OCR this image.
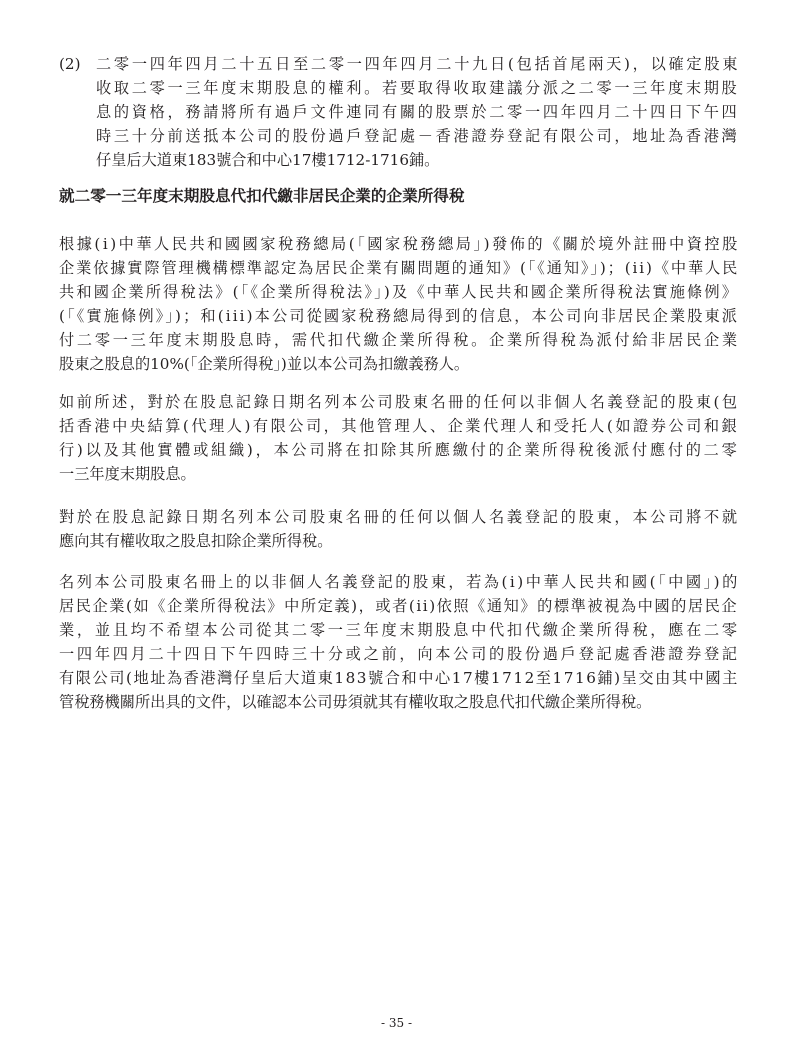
(2) 二零一四年四月二十五日至二零一四年四月二十九日(包括首尾兩天)，以確定股東
收取二零一三年度末期股息的權利。若要取得收取建議分派之二零一三年度末期股
息的資格，務請將所有過戶文件連同有關的股票於二零一四年四月二十四日下午四
時三十分前送抵本公司的股份過戶登記處－香港證券登記有限公司，地址為香港灣
仔皇后大道東183號合和中心17樓1712-1716鋪。
就二零一三年度末期股息代扣代繳非居民企業的企業所得稅
根據(i)中華人民共和國國家稅務總局(「國家稅務總局」)發佈的《關於境外註冊中資控股
企業依據實際管理機構標準認定為居民企業有關問題的通知》(「《通知》」)；(ii)《中華人民
共和國企業所得稅法》(「《企業所得稅法》」)及《中華人民共和國企業所得稅法實施條例》
(「《實施條例》」)；和(iii)本公司從國家稅務總局得到的信息，本公司向非居民企業股東派
付二零一三年度末期股息時，需代扣代繳企業所得稅。企業所得稅為派付給非居民企業
股東之股息的10%(「企業所得稅」)並以本公司為扣繳義務人。
如前所述，對於在股息記錄日期名列本公司股東名冊的任何以非個人名義登記的股東(包
括香港中央結算(代理人)有限公司，其他管理人、企業代理人和受托人(如證券公司和銀
行)以及其他實體或組織)，本公司將在扣除其所應繳付的企業所得稅後派付應付的二零
一三年度末期股息。
對於在股息記錄日期名列本公司股東名冊的任何以個人名義登記的股東，本公司將不就
應向其有權收取之股息扣除企業所得稅。
名列本公司股東名冊上的以非個人名義登記的股東，若為(i)中華人民共和國(「中國」)的
居民企業(如《企業所得稅法》中所定義)，或者(ii)依照《通知》的標準被視為中國的居民企
業，並且均不希望本公司從其二零一三年度末期股息中代扣代繳企業所得稅，應在二零
一四年四月二十四日下午四時三十分或之前，向本公司的股份過戶登記處香港證券登記
有限公司(地址為香港灣仔皇后大道東183號合和中心17樓1712至1716鋪)呈交由其中國主
管稅務機關所出具的文件，以確認本公司毋須就其有權收取之股息代扣代繳企業所得稅。
- 35 -
